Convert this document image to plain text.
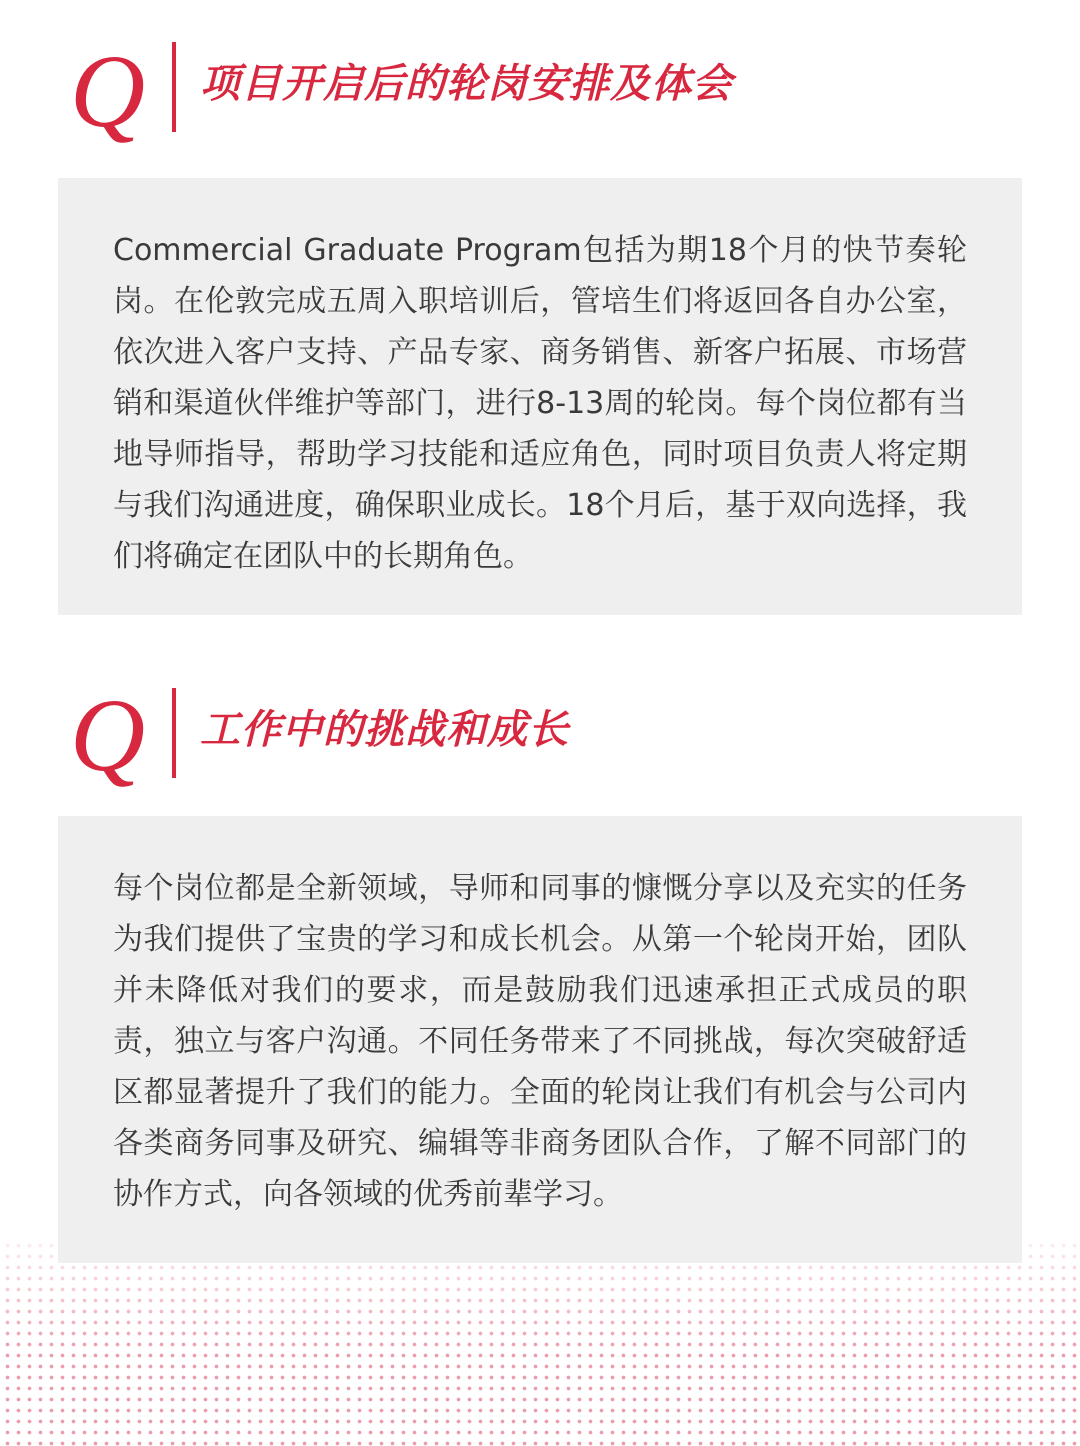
Q 项目开启后的轮岗安排及体会

Commercial Graduate Program包括为期18个月的快节奏轮岗。在伦敦完成五周入职培训后，管培生们将返回各自办公室，依次进入客户支持、产品专家、商务销售、新客户拓展、市场营销和渠道伙伴维护等部门，进行8-13周的轮岗。每个岗位都有当地导师指导，帮助学习技能和适应角色，同时项目负责人将定期与我们沟通进度，确保职业成长。18个月后，基于双向选择，我们将确定在团队中的长期角色。

Q 工作中的挑战和成长

每个岗位都是全新领域，导师和同事的慷慨分享以及充实的任务为我们提供了宝贵的学习和成长机会。从第一个轮岗开始，团队并未降低对我们的要求，而是鼓励我们迅速承担正式成员的职责，独立与客户沟通。不同任务带来了不同挑战，每次突破舒适区都显著提升了我们的能力。全面的轮岗让我们有机会与公司内各类商务同事及研究、编辑等非商务团队合作，了解不同部门的协作方式，向各领域的优秀前辈学习。
